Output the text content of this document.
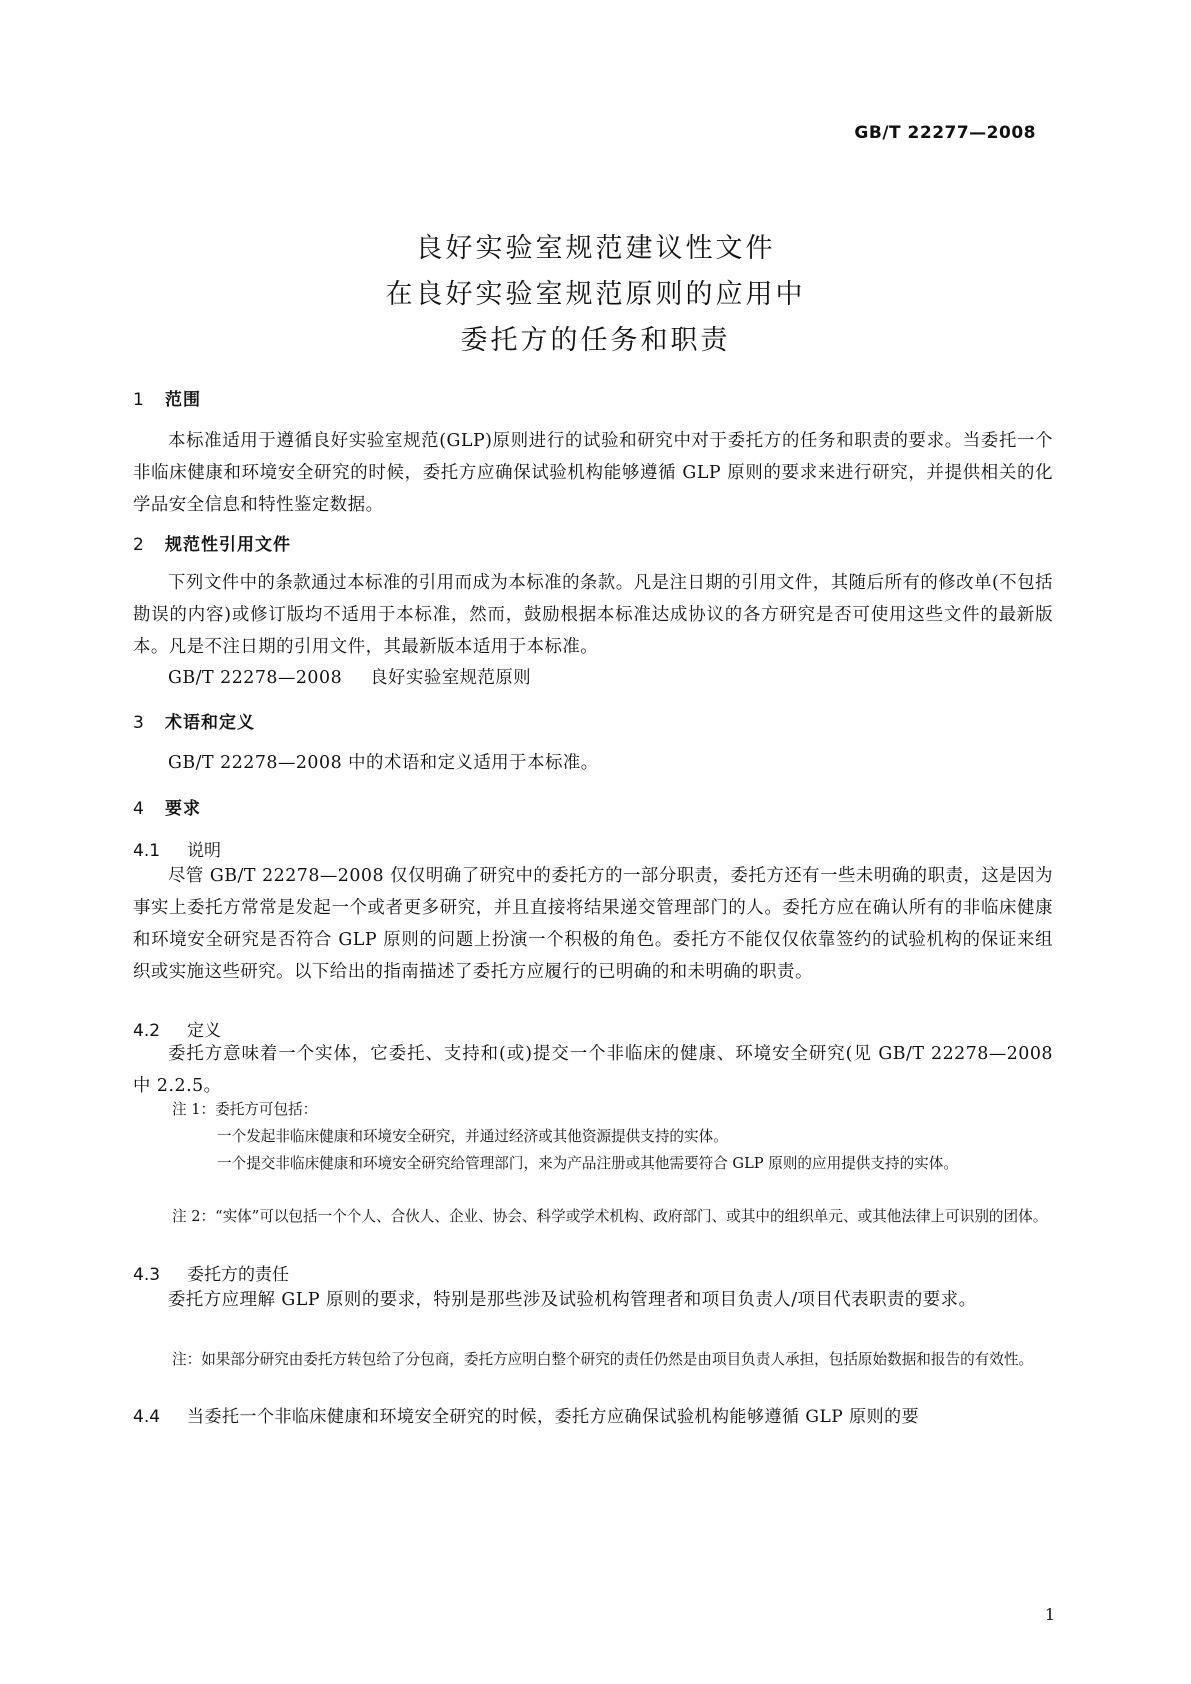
GB/T 22277—2008
良好实验室规范建议性文件
在良好实验室规范原则的应用中
委托方的任务和职责
1 范围
本标准适用于遵循良好实验室规范(GLP)原则进行的试验和研究中对于委托方的任务和职责的要求。当委托一个非临床健康和环境安全研究的时候，委托方应确保试验机构能够遵循 GLP 原则的要求来进行研究，并提供相关的化学品安全信息和特性鉴定数据。
2 规范性引用文件
下列文件中的条款通过本标准的引用而成为本标准的条款。凡是注日期的引用文件，其随后所有的修改单(不包括勘误的内容)或修订版均不适用于本标准，然而，鼓励根据本标准达成协议的各方研究是否可使用这些文件的最新版本。凡是不注日期的引用文件，其最新版本适用于本标准。
GB/T 22278—2008 良好实验室规范原则
3 术语和定义
GB/T 22278—2008 中的术语和定义适用于本标准。
4 要求
4.1 说明
尽管 GB/T 22278—2008 仅仅明确了研究中的委托方的一部分职责，委托方还有一些未明确的职责，这是因为事实上委托方常常是发起一个或者更多研究，并且直接将结果递交管理部门的人。委托方应在确认所有的非临床健康和环境安全研究是否符合 GLP 原则的问题上扮演一个积极的角色。委托方不能仅仅依靠签约的试验机构的保证来组织或实施这些研究。以下给出的指南描述了委托方应履行的已明确的和未明确的职责。
4.2 定义
委托方意味着一个实体，它委托、支持和(或)提交一个非临床的健康、环境安全研究(见 GB/T 22278—2008 中 2.2.5。
注 1：委托方可包括：
一个发起非临床健康和环境安全研究，并通过经济或其他资源提供支持的实体。
一个提交非临床健康和环境安全研究给管理部门，来为产品注册或其他需要符合 GLP 原则的应用提供支持的实体。
注 2：“实体”可以包括一个个人、合伙人、企业、协会、科学或学术机构、政府部门、或其中的组织单元、或其他法律上可识别的团体。
4.3 委托方的责任
委托方应理解 GLP 原则的要求，特别是那些涉及试验机构管理者和项目负责人/项目代表职责的要求。
注：如果部分研究由委托方转包给了分包商，委托方应明白整个研究的责任仍然是由项目负责人承担，包括原始数据和报告的有效性。
4.4 当委托一个非临床健康和环境安全研究的时候，委托方应确保试验机构能够遵循 GLP 原则的要
1
